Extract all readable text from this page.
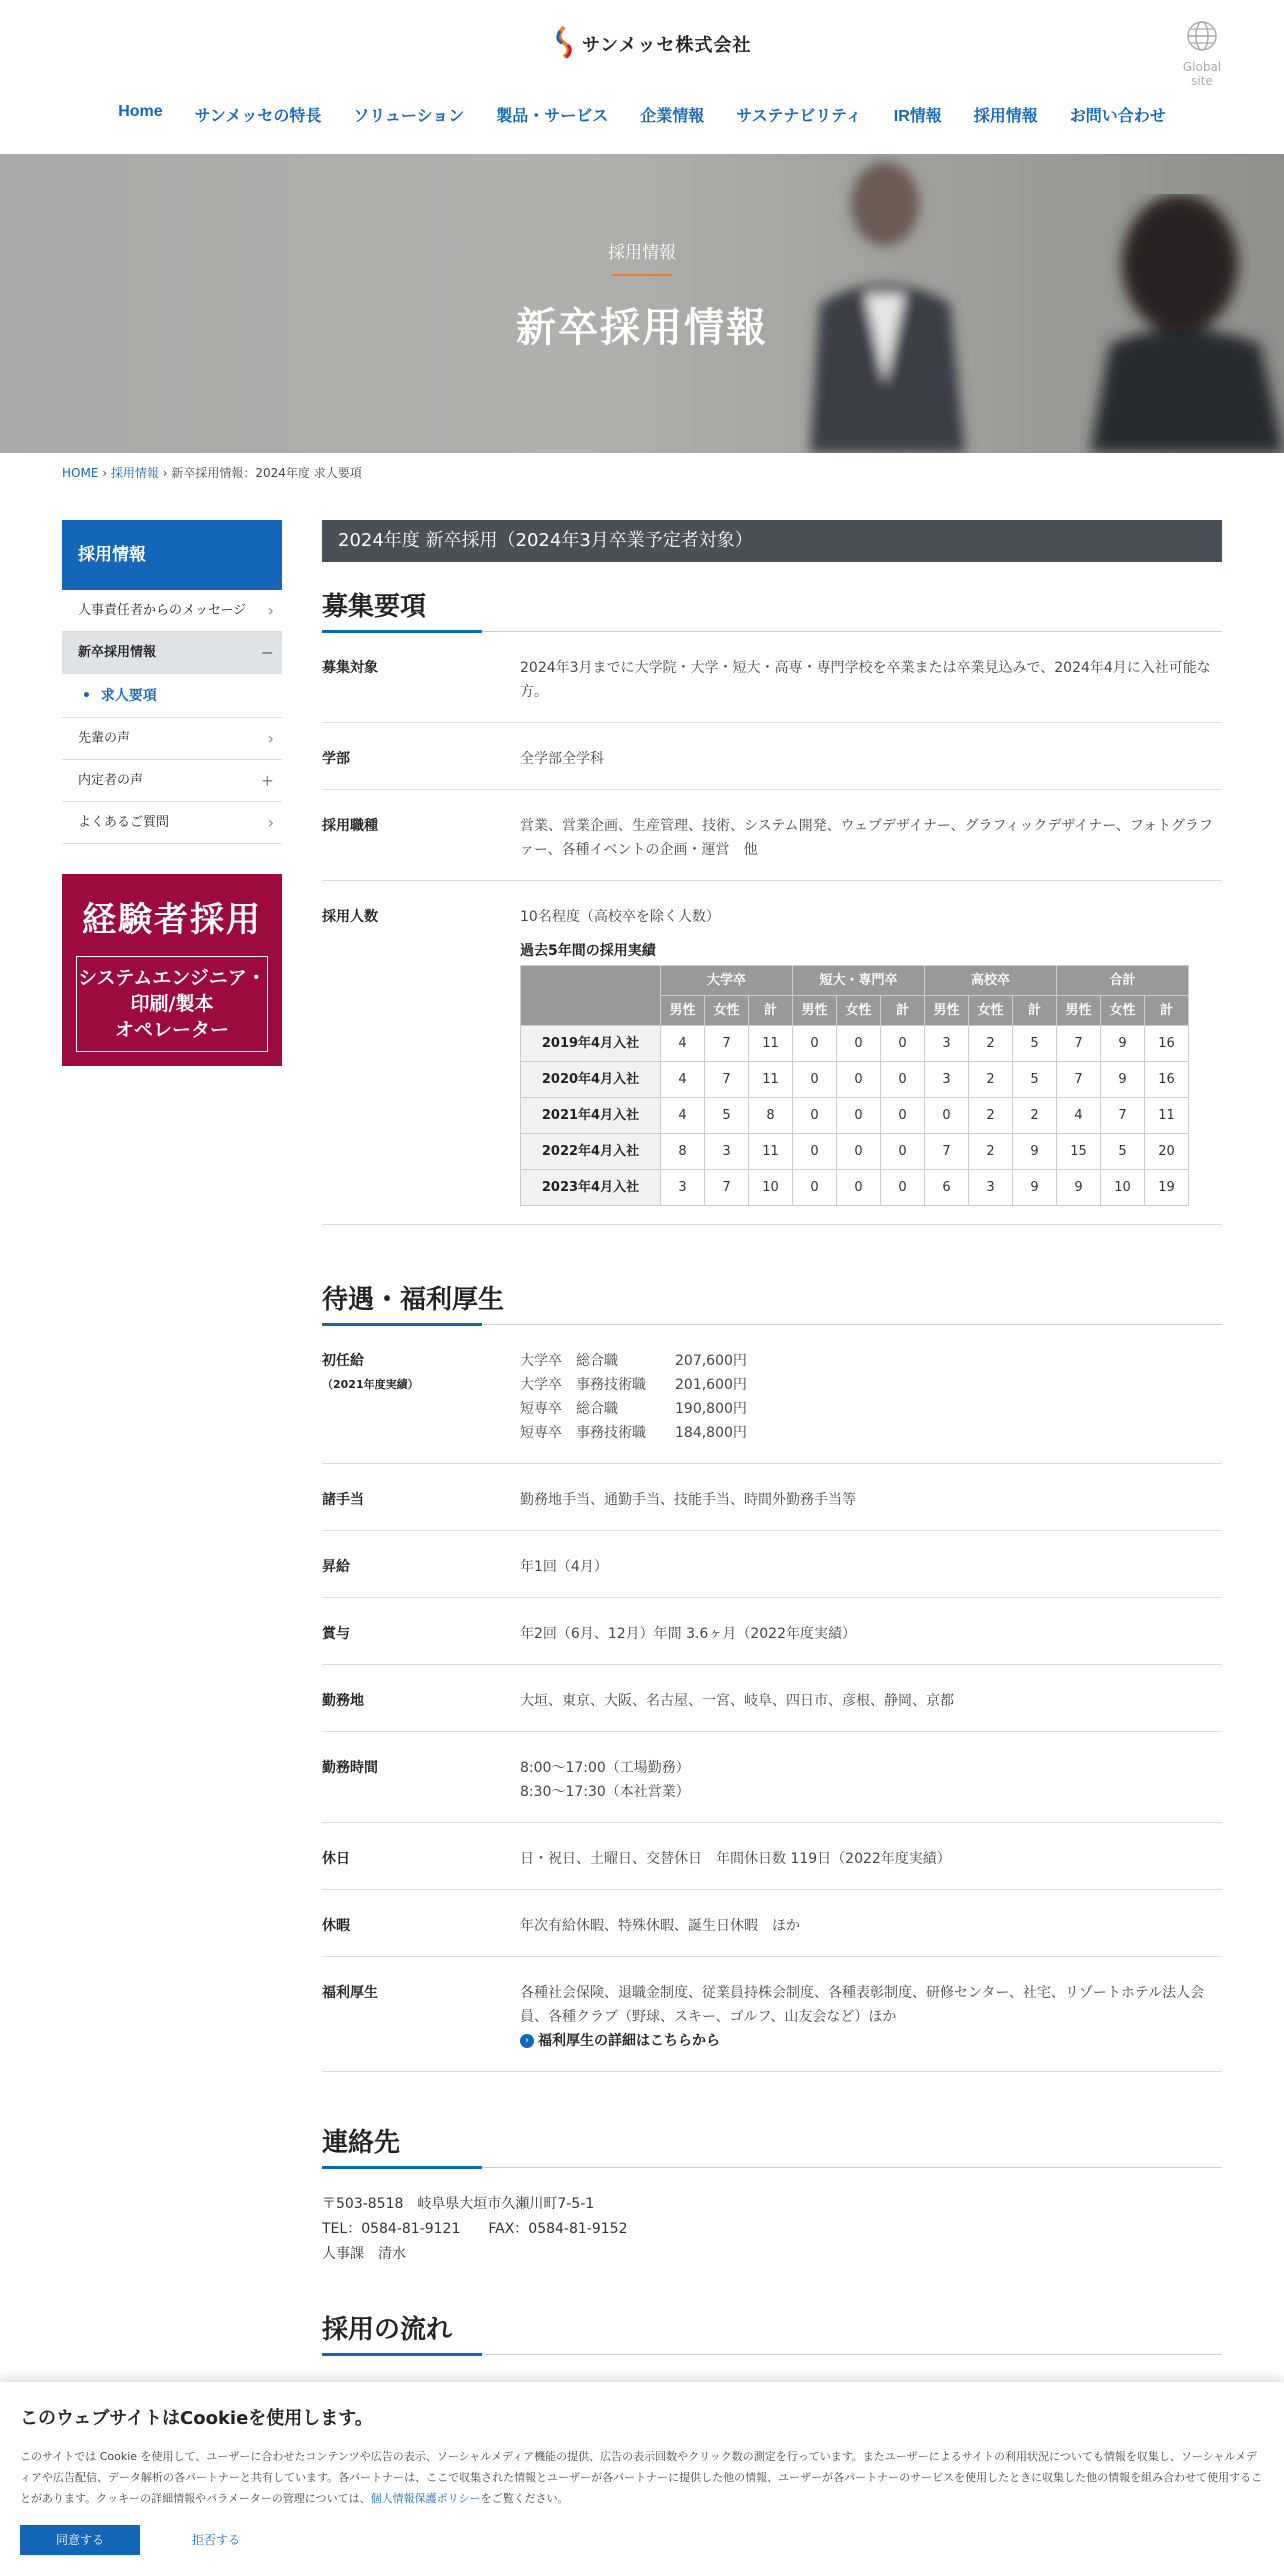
サンメッセ株式会社
Global site
Home	サンメッセの特長	ソリューション	製品・サービス	企業情報	サステナビリティ	IR情報	採用情報	お問い合わせ
採用情報
新卒採用情報
HOME › 採用情報 › 新卒採用情報：2024年度 求人要項
採用情報
人事責任者からのメッセージ ›
新卒採用情報	−
•  求人要項
先輩の声	›
内定者の声	+
よくあるご質問	›
経験者採用
システムエンジニア・
印刷/製本
オペレーター
2024年度 新卒採用（2024年3月卒業予定者対象）
募集要項
募集対象	2024年3月までに大学院・大学・短大・高専・専門学校を卒業または卒業見込みで、2024年4月に入社可能な方。
学部	全学部全学科
採用職種	営業、営業企画、生産管理、技術、システム開発、ウェブデザイナー、グラフィックデザイナー、フォトグラファー、各種イベントの企画・運営　他
採用人数	10名程度（高校卒を除く人数）
過去5年間の採用実績
	大学卒			短大・専門卒			高校卒			合計		
	男性	女性	計	男性	女性	計	男性	女性	計	男性	女性	計
2019年4月入社	4	7	11	0	0	0	3	2	5	7	9	16
2020年4月入社	4	7	11	0	0	0	3	2	5	7	9	16
2021年4月入社	4	5	8	0	0	0	0	2	2	4	7	11
2022年4月入社	8	3	11	0	0	0	7	2	9	15	5	20
2023年4月入社	3	7	10	0	0	0	6	3	9	9	10	19
待遇・福利厚生
初任給
（2021年度実績）
大学卒　総合職	207,600円
大学卒　事務技術職 201,600円
短専卒　総合職	190,800円
短専卒　事務技術職 184,800円
諸手当	勤務地手当、通勤手当、技能手当、時間外勤務手当等
昇給	年1回（4月）
賞与	年2回（6月、12月）年間 3.6ヶ月（2022年度実績）
勤務地	大垣、東京、大阪、名古屋、一宮、岐阜、四日市、彦根、静岡、京都
勤務時間	8:00〜17:00（工場勤務）
8:30〜17:30（本社営業）
休日	日・祝日、土曜日、交替休日　年間休日数 119日（2022年度実績）
休暇	年次有給休暇、特殊休暇、誕生日休暇　ほか
福利厚生	各種社会保険、退職金制度、従業員持株会制度、各種表彰制度、研修センター、社宅、リゾートホテル法人会員、各種クラブ（野球、スキー、ゴルフ、山友会など）ほか
› 福利厚生の詳細はこちらから
連絡先

〒503-8518　岐阜県大垣市久瀬川町7-5-1

TEL：0584-81-9121　　FAX：0584-81-9152

人事課　清水

採用の流れ
1.
2.
このウェブサイトはCookieを使用します。

このサイトでは Cookie を使用して、ユーザーに合わせたコンテンツや広告の表示、ソーシャルメディア機能の提供、広告の表示回数やクリック数の測定を行っています。またユーザーによるサイトの利用状況についても情報を収集し、ソーシャルメディアや広告配信、データ解析の各パートナーと共有しています。各パートナーは、ここで収集された情報とユーザーが各パートナーに提供した他の情報、ユーザーが各パートナーのサービスを使用したときに収集した他の情報を組み合わせて使用することがあります。クッキーの詳細情報やパラメーターの管理については、個人情報保護ポリシーをご覧ください。

同意する	拒否する
